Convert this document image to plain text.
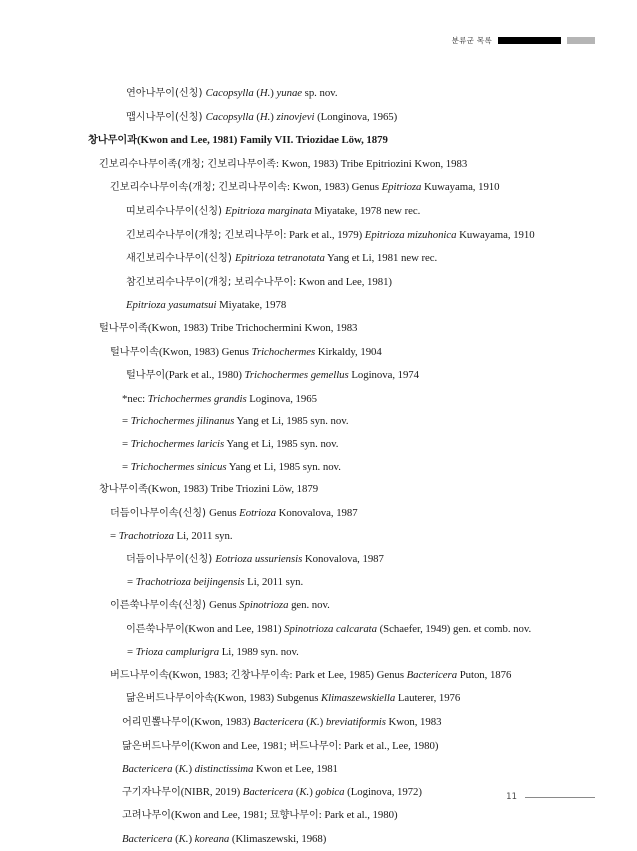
분류군 목록
연아나무이(신칭) Cacopsylla (H.) yunae sp. nov.
맵시나무이(신칭) Cacopsylla (H.) zinovjevi (Longinova, 1965)
창나무이과(Kwon and Lee, 1981) Family VII. Triozidae Löw, 1879
긴보리수나무이족(개칭; 긴보리나무이족: Kwon, 1983) Tribe Epitriozini Kwon, 1983
긴보리수나무이속(개칭; 긴보리나무이속: Kwon, 1983) Genus Epitrioza Kuwayama, 1910
띠보리수나무이(신칭) Epitrioza marginata Miyatake, 1978 new rec.
긴보리수나무이(개칭; 긴보리나무이: Park et al., 1979) Epitrioza mizuhonica Kuwayama, 1910
새긴보리수나무이(신칭) Epitrioza tetranotata Yang et Li, 1981 new rec.
참긴보리수나무이(개칭; 보리수나무이: Kwon and Lee, 1981)
Epitrioza yasumatsui Miyatake, 1978
털나무이족(Kwon, 1983) Tribe Trichochermini Kwon, 1983
털나무이속(Kwon, 1983) Genus Trichochermes Kirkaldy, 1904
털나무이(Park et al., 1980) Trichochermes gemellus Loginova, 1974
*nec: Trichochermes grandis Loginova, 1965
= Trichochermes jilinanus Yang et Li, 1985 syn. nov.
= Trichochermes laricis Yang et Li, 1985 syn. nov.
= Trichochermes sinicus Yang et Li, 1985 syn. nov.
창나무이족(Kwon, 1983) Tribe Triozini Löw, 1879
더듬이나무이속(신칭) Genus Eotrioza Konovalova, 1987
= Trachotrioza Li, 2011 syn.
더듬이나무이(신칭) Eotrioza ussuriensis Konovalova, 1987
= Trachotrioza beijingensis Li, 2011 syn.
이른쑥나무이속(신칭) Genus Spinotrioza gen. nov.
이른쑥나무이(Kwon and Lee, 1981) Spinotrioza calcarata (Schaefer, 1949) gen. et comb. nov.
= Trioza camplurigra Li, 1989 syn. nov.
버드나무이속(Kwon, 1983; 긴창나무이속: Park et Lee, 1985) Genus Bactericera Puton, 1876
닮은버드나무이아속(Kwon, 1983) Subgenus Klimaszewskiella Lauterer, 1976
어리민뽈나무이(Kwon, 1983) Bactericera (K.) breviatiformis Kwon, 1983
닮은버드나무이(Kwon and Lee, 1981; 버드나무이: Park et al., Lee, 1980)
Bactericera (K.) distinctissima Kwon et Lee, 1981
구기자나무이(NIBR, 2019) Bactericera (K.) gobica (Loginova, 1972)
고려나무이(Kwon and Lee, 1981; 묘향나무이: Park et al., 1980)
Bactericera (K.) koreana (Klimaszewski, 1968)
11
